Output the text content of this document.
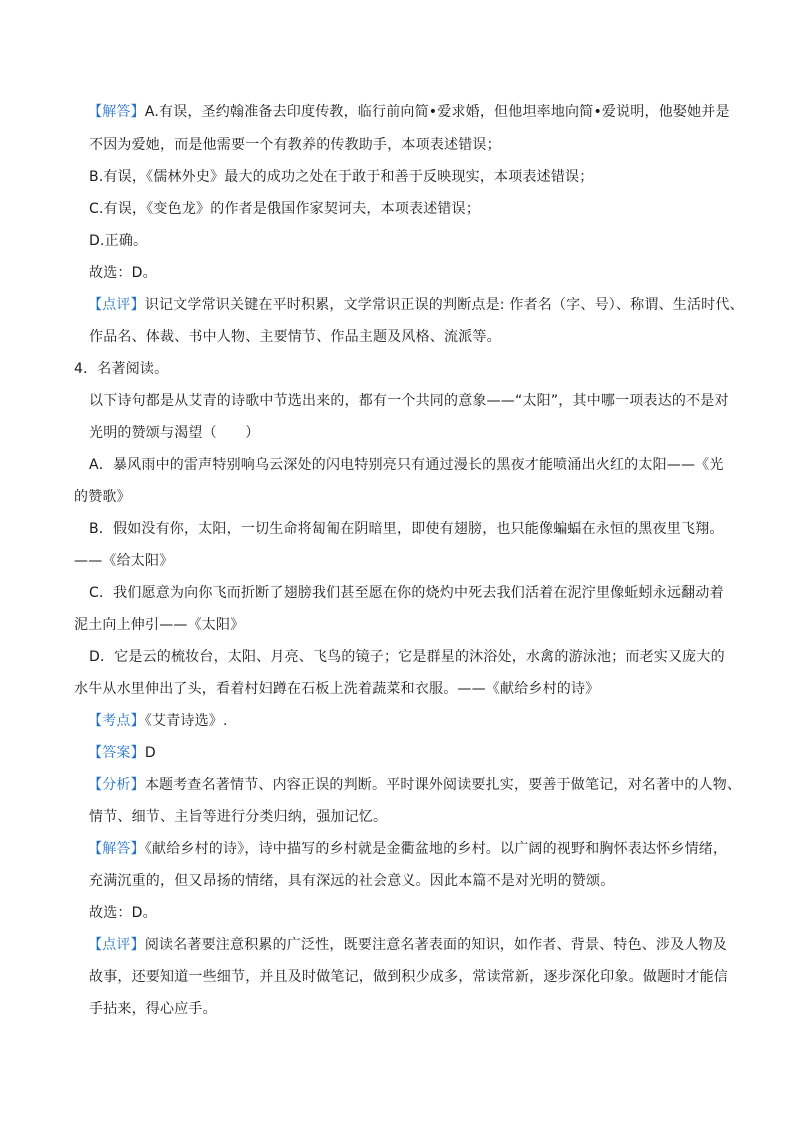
【解答】A.有误，圣约翰准备去印度传教，临行前向简•爱求婚，但他坦率地向简•爱说明，他娶她并是
不因为爱她，而是他需要一个有教养的传教助手，本项表述错误；
B.有误，《儒林外史》最大的成功之处在于敢于和善于反映现实，本项表述错误；
C.有误，《变色龙》的作者是俄国作家契诃夫，本项表述错误；
D.正确。
故选：D。
【点评】识记文学常识关键在平时积累，文学常识正误的判断点是: 作者名（字、号）、称谓、生活时代、
作品名、体裁、书中人物、主要情节、作品主题及风格、流派等。
4．名著阅读。
以下诗句都是从艾青的诗歌中节选出来的，都有一个共同的意象——“太阳”，其中哪一项表达的不是对
光明的赞颂与渴望（　　）
A．暴风雨中的雷声特别响乌云深处的闪电特别亮只有通过漫长的黑夜才能喷涌出火红的太阳——《光
的赞歌》
B．假如没有你，太阳，一切生命将匐匍在阴暗里，即使有翅膀，也只能像蝙蝠在永恒的黑夜里飞翔。
——《给太阳》
C．我们愿意为向你飞而折断了翅膀我们甚至愿在你的烧灼中死去我们活着在泥泞里像蚯蚓永远翻动着
泥土向上伸引——《太阳》
D．它是云的梳妆台，太阳、月亮、飞鸟的镜子；它是群星的沐浴处，水禽的游泳池；而老实又庞大的
水牛从水里伸出了头，看着村妇蹲在石板上洗着蔬菜和衣服。——《献给乡村的诗》
【考点】《艾青诗选》.
【答案】D
【分析】本题考查名著情节、内容正误的判断。平时课外阅读要扎实，要善于做笔记，对名著中的人物、
情节、细节、主旨等进行分类归纳，强加记忆。
【解答】《献给乡村的诗》，诗中描写的乡村就是金衢盆地的乡村。以广阔的视野和胸怀表达怀乡情绪，
充满沉重的，但又昂扬的情绪，具有深远的社会意义。因此本篇不是对光明的赞颂。
故选：D。
【点评】阅读名著要注意积累的广泛性，既要注意名著表面的知识，如作者、背景、特色、涉及人物及
故事，还要知道一些细节，并且及时做笔记，做到积少成多，常读常新，逐步深化印象。做题时才能信
手拈来，得心应手。
